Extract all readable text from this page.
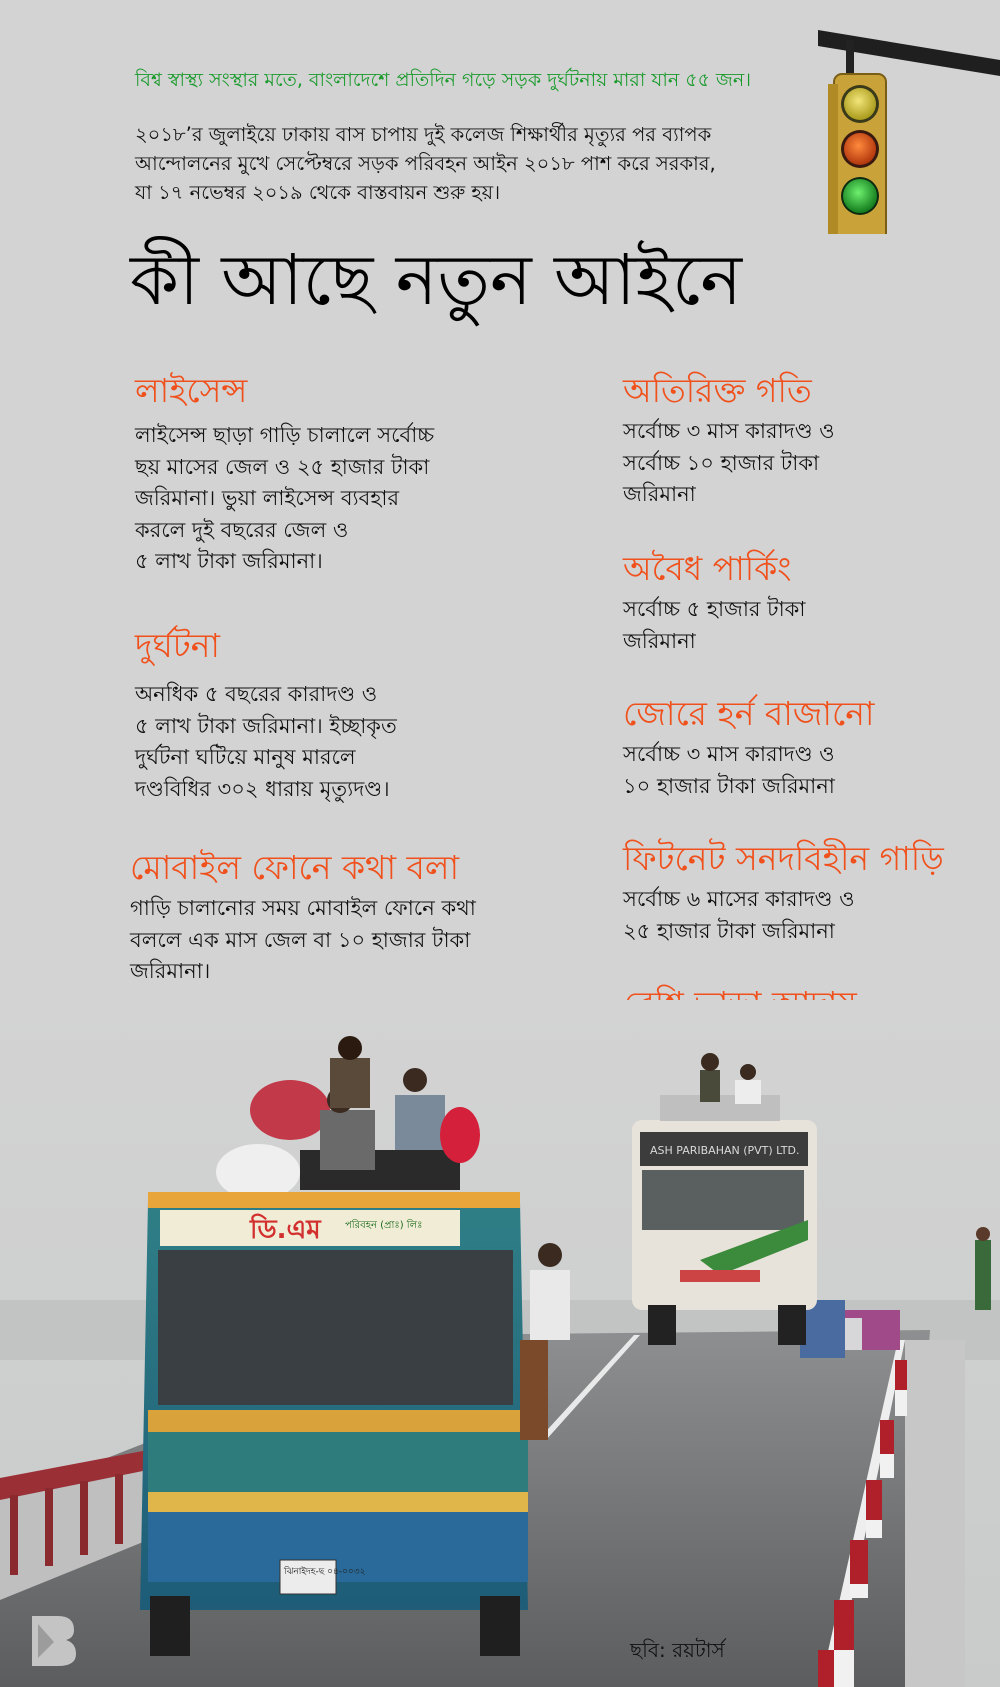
বিশ্ব স্বাস্থ্য সংস্থার মতে, বাংলাদেশে প্রতিদিন গড়ে সড়ক দুর্ঘটনায় মারা যান ৫৫ জন।
২০১৮’র জুলাইয়ে ঢাকায় বাস চাপায় দুই কলেজ শিক্ষার্থীর মৃত্যুর পর ব্যাপক
আন্দোলনের মুখে সেপ্টেম্বরে সড়ক পরিবহন আইন ২০১৮ পাশ করে সরকার,
যা ১৭ নভেম্বর ২০১৯ থেকে বাস্তবায়ন শুরু হয়।
কী আছে নতুন আইনে
লাইসেন্স
লাইসেন্স ছাড়া গাড়ি চালালে সর্বোচ্চ
ছয় মাসের জেল ও ২৫ হাজার টাকা
জরিমানা। ভুয়া লাইসেন্স ব্যবহার
করলে দুই বছরের জেল ও
৫ লাখ টাকা জরিমানা।
দুর্ঘটনা
অনধিক ৫ বছরের কারাদণ্ড ও
৫ লাখ টাকা জরিমানা। ইচ্ছাকৃত
দুর্ঘটনা ঘটিয়ে মানুষ মারলে
দণ্ডবিধির ৩০২ ধারায় মৃত্যুদণ্ড।
মোবাইল ফোনে কথা বলা
গাড়ি চালানোর সময় মোবাইল ফোনে কথা
বললে এক মাস জেল বা ১০ হাজার টাকা
জরিমানা।
অতিরিক্ত গতি
সর্বোচ্চ ৩ মাস কারাদণ্ড ও
সর্বোচ্চ ১০ হাজার টাকা
জরিমানা
অবৈধ পার্কিং
সর্বোচ্চ ৫ হাজার টাকা
জরিমানা
জোরে হর্ন বাজানো
সর্বোচ্চ ৩ মাস কারাদণ্ড ও
১০ হাজার টাকা জরিমানা
ফিটনেট সনদবিহীন গাড়ি
সর্বোচ্চ ৬ মাসের কারাদণ্ড ও
২৫ হাজার টাকা জরিমানা
ASH PARIBAHAN (PVT) LTD.
ডি.এম পরিবহন (প্রাঃ) লিঃ
ঝিনাইদহ-ছ ০৪-০০৩২
ছবি: রয়টার্স
